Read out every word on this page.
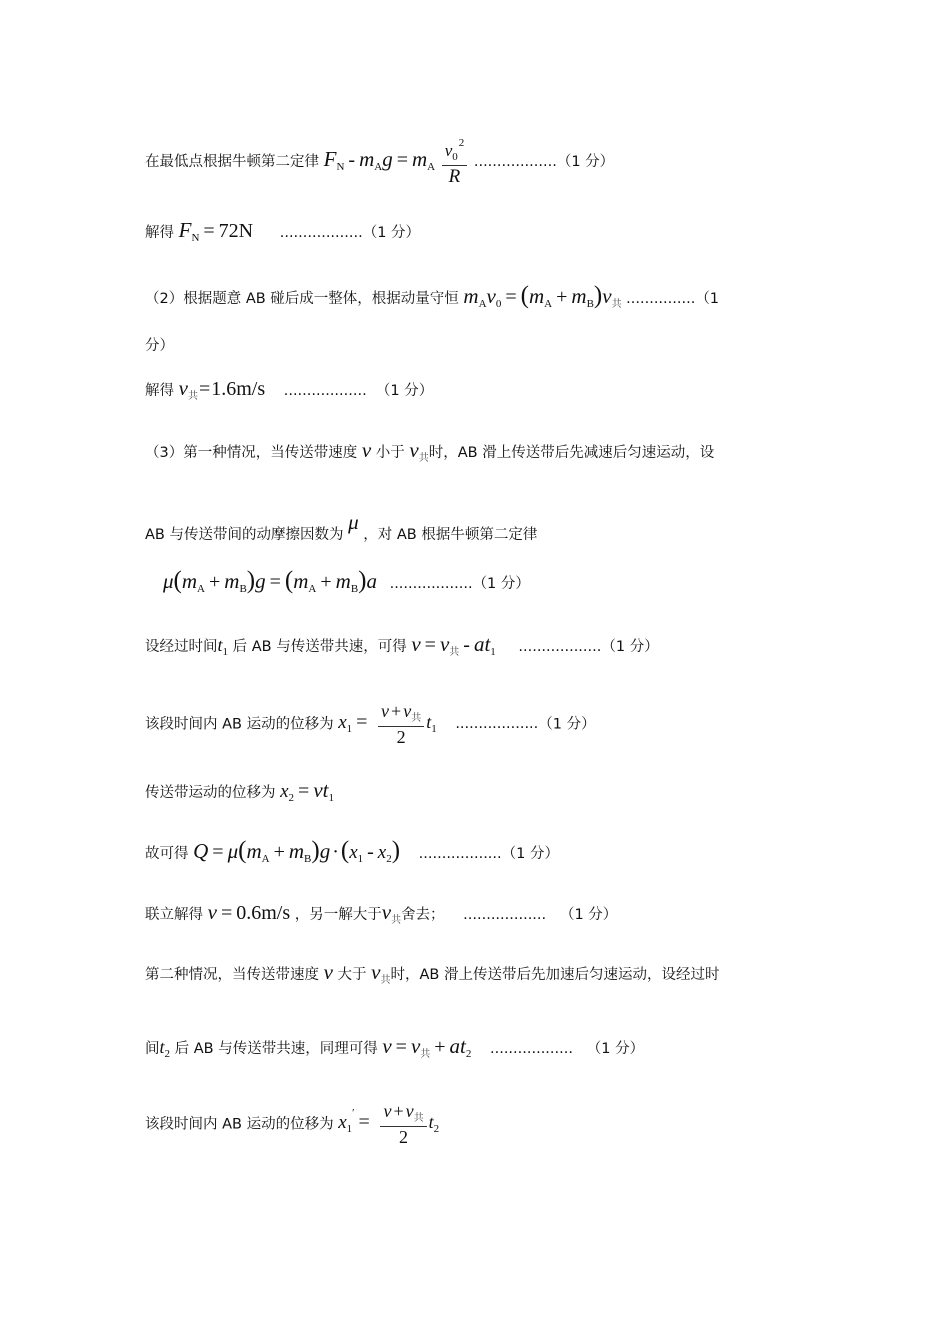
在最低点根据牛顿第二定律 $F_N - m_Ag = m_A \frac{v_0^2}{R} ..................(1$ 分）
解得 $F_N = 72N$ ..................（1 分）
（2）根据题意 AB 碰后成一整体，根据动量守恒 $m_Av_0 = (m_A + m_B)v_共$ ...............（1
分）
解得 $v_共=1.6m/s$ .................. （1 分）
（3）第一种情况，当传送带速度 v 小于 $v_共$时，AB 滑上传送带后先减速后匀速运动，设
AB 与传送带间的动摩擦因数为 μ ，对 AB 根据牛顿第二定律
$\mu(m_A + m_B)g = (m_A + m_B)a$ ..................（1 分）
设经过时间$t_1$ 后 AB 与传送带共速，可得 $v = v_共 - at_1$ ..................（1 分）
该段时间内 AB 运动的位移为 $x_1 = \frac{v + v_共}{2} t_1$ ..................（1 分）
传送带运动的位移为 $x_2 = vt_1$
故可得 $Q = \mu(m_A + m_B)g \cdot(x_1 - x_2)$ ..................（1 分）
联立解得 v = 0.6m/s ，另一解大于$v_共$舍去； .................. （1 分）
第二种情况，当传送带速度 v 大于 $v_共$时，AB 滑上传送带后先加速后匀速运动，设经过时
间$t_2$ 后 AB 与传送带共速，同理可得 $v = v_共 + at_2$ .................. （1 分）
该段时间内 AB 运动的位移为 $x_1' = \frac{v + v_共}{2} t_2$
